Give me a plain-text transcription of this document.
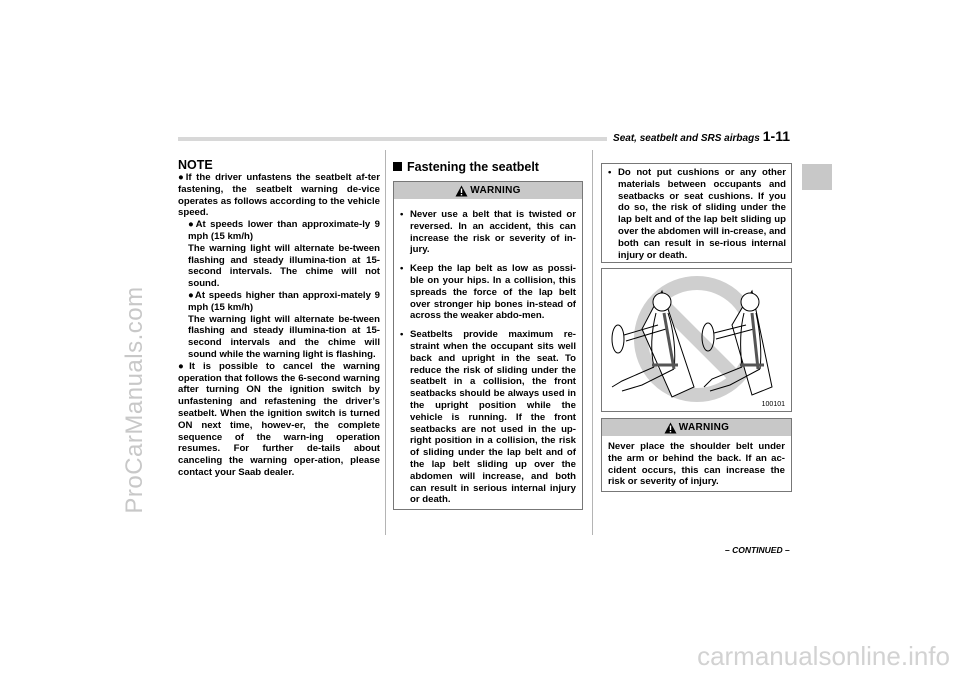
ProCarManuals.com
Seat, seatbelt and SRS airbags 1-11
NOTE

●If the driver unfastens the seatbelt af-ter fastening, the seatbelt warning de-vice operates as follows according to the vehicle speed.

●At speeds lower than approximate-ly 9 mph (15 km/h)

The warning light will alternate be-tween flashing and steady illumina-tion at 15-second intervals. The chime will not sound.

●At speeds higher than approxi-mately 9 mph (15 km/h)

The warning light will alternate be-tween flashing and steady illumina-tion at 15-second intervals and the chime will sound while the warning light is flashing.

●It is possible to cancel the warning operation that follows the 6-second warning after turning ON the ignition switch by unfastening and refastening the driver’s seatbelt. When the ignition switch is turned ON next time, howev-er, the complete sequence of the warn-ing operation resumes. For further de-tails about canceling the warning oper-ation, please contact your Saab dealer.

Fastening the seatbelt
WARNING
• Never use a belt that is twisted or reversed. In an accident, this can increase the risk or severity of in-jury.
• Keep the lap belt as low as possi-ble on your hips. In a collision, this spreads the force of the lap belt over stronger hip bones in-stead of across the weaker abdo-men.
• Seatbelts provide maximum re-straint when the occupant sits well back and upright in the seat. To reduce the risk of sliding under the seatbelt in a collision, the front seatbacks should be always used in the upright position while the vehicle is running. If the front seatbacks are not used in the up-right position in a collision, the risk of sliding under the lap belt and of the lap belt sliding up over the abdomen will increase, and both can result in serious internal injury or death.
• Do not put cushions or any other materials between occupants and seatbacks or seat cushions. If you do so, the risk of sliding under the lap belt and of the lap belt sliding up over the abdomen will in-crease, and both can result in se-rious internal injury or death.
100101
WARNING
Never place the shoulder belt under the arm or behind the back. If an ac-cident occurs, this can increase the risk or severity of injury.
– CONTINUED –
carmanualsonline.info
